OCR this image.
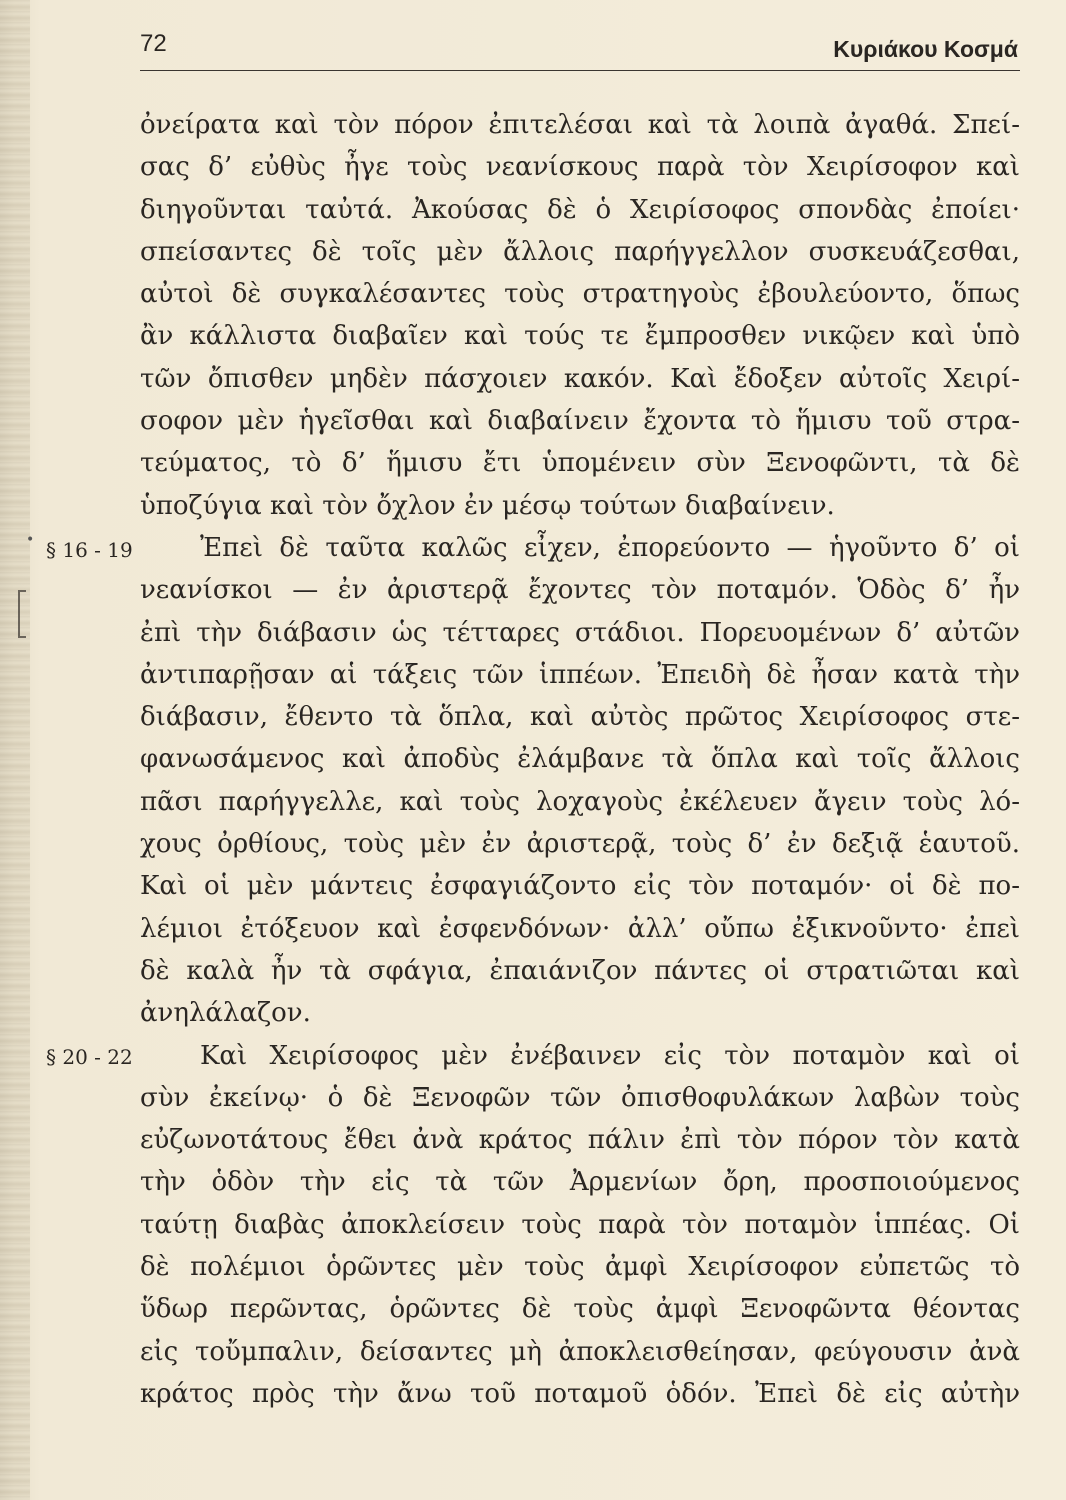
72	Κυριάκου Κοσμά
• § 16 - 19
§ 20 - 22
ὀνείρατα καὶ τὸν πόρον ἐπιτελέσαι καὶ τὰ λοιπὰ ἀγαθά. Σπεί-
σας δ’ εὐθὺς ἦγε τοὺς νεανίσκους παρὰ τὸν Χειρίσοφον καὶ
διηγοῦνται ταὐτά. Ἀκούσας δὲ ὁ Χειρίσοφος σπονδὰς ἐποίει·
σπείσαντες δὲ τοῖς μὲν ἄλλοις παρήγγελλον συσκευάζεσθαι,
αὐτοὶ δὲ συγκαλέσαντες τοὺς στρατηγοὺς ἐβουλεύοντο, ὅπως
ἂν κάλλιστα διαβαῖεν καὶ τούς τε ἔμπροσθεν νικῷεν καὶ ὑπὸ
τῶν ὄπισθεν μηδὲν πάσχοιεν κακόν. Καὶ ἔδοξεν αὐτοῖς Χειρί-
σοφον μὲν ἡγεῖσθαι καὶ διαβαίνειν ἔχοντα τὸ ἥμισυ τοῦ στρα-
τεύματος, τὸ δ’ ἥμισυ ἔτι ὑπομένειν σὺν Ξενοφῶντι, τὰ δὲ
ὑποζύγια καὶ τὸν ὄχλον ἐν μέσῳ τούτων διαβαίνειν.
Ἐπεὶ δὲ ταῦτα καλῶς εἶχεν, ἐπορεύοντο — ἡγοῦντο δ’ οἱ
νεανίσκοι — ἐν ἀριστερᾷ ἔχοντες τὸν ποταμόν. Ὁδὸς δ’ ἦν
ἐπὶ τὴν διάβασιν ὡς τέτταρες στάδιοι. Πορευομένων δ’ αὐτῶν
ἀντιπαρῇσαν αἱ τάξεις τῶν ἱππέων. Ἐπειδὴ δὲ ἦσαν κατὰ τὴν
διάβασιν, ἔθεντο τὰ ὅπλα, καὶ αὐτὸς πρῶτος Χειρίσοφος στε-
φανωσάμενος καὶ ἀποδὺς ἐλάμβανε τὰ ὅπλα καὶ τοῖς ἄλλοις
πᾶσι παρήγγελλε, καὶ τοὺς λοχαγοὺς ἐκέλευεν ἄγειν τοὺς λό-
χους ὀρθίους, τοὺς μὲν ἐν ἀριστερᾷ, τοὺς δ’ ἐν δεξιᾷ ἑαυτοῦ.
Καὶ οἱ μὲν μάντεις ἐσφαγιάζοντο εἰς τὸν ποταμόν· οἱ δὲ πο-
λέμιοι ἐτόξευον καὶ ἐσφενδόνων· ἀλλ’ οὔπω ἐξικνοῦντο· ἐπεὶ
δὲ καλὰ ἦν τὰ σφάγια, ἐπαιάνιζον πάντες οἱ στρατιῶται καὶ
ἀνηλάλαζον.
Καὶ Χειρίσοφος μὲν ἐνέβαινεν εἰς τὸν ποταμὸν καὶ οἱ
σὺν ἐκείνῳ· ὁ δὲ Ξενοφῶν τῶν ὀπισθοφυλάκων λαβὼν τοὺς
εὐζωνοτάτους ἔθει ἀνὰ κράτος πάλιν ἐπὶ τὸν πόρον τὸν κατὰ
τὴν ὁδὸν τὴν εἰς τὰ τῶν Ἀρμενίων ὄρη, προσποιούμενος
ταύτῃ διαβὰς ἀποκλείσειν τοὺς παρὰ τὸν ποταμὸν ἱππέας. Οἱ
δὲ πολέμιοι ὁρῶντες μὲν τοὺς ἀμφὶ Χειρίσοφον εὐπετῶς τὸ
ὕδωρ περῶντας, ὁρῶντες δὲ τοὺς ἀμφὶ Ξενοφῶντα θέοντας
εἰς τοὔμπαλιν, δείσαντες μὴ ἀποκλεισθείησαν, φεύγουσιν ἀνὰ
κράτος πρὸς τὴν ἄνω τοῦ ποταμοῦ ὁδόν. Ἐπεὶ δὲ εἰς αὐτὴν
